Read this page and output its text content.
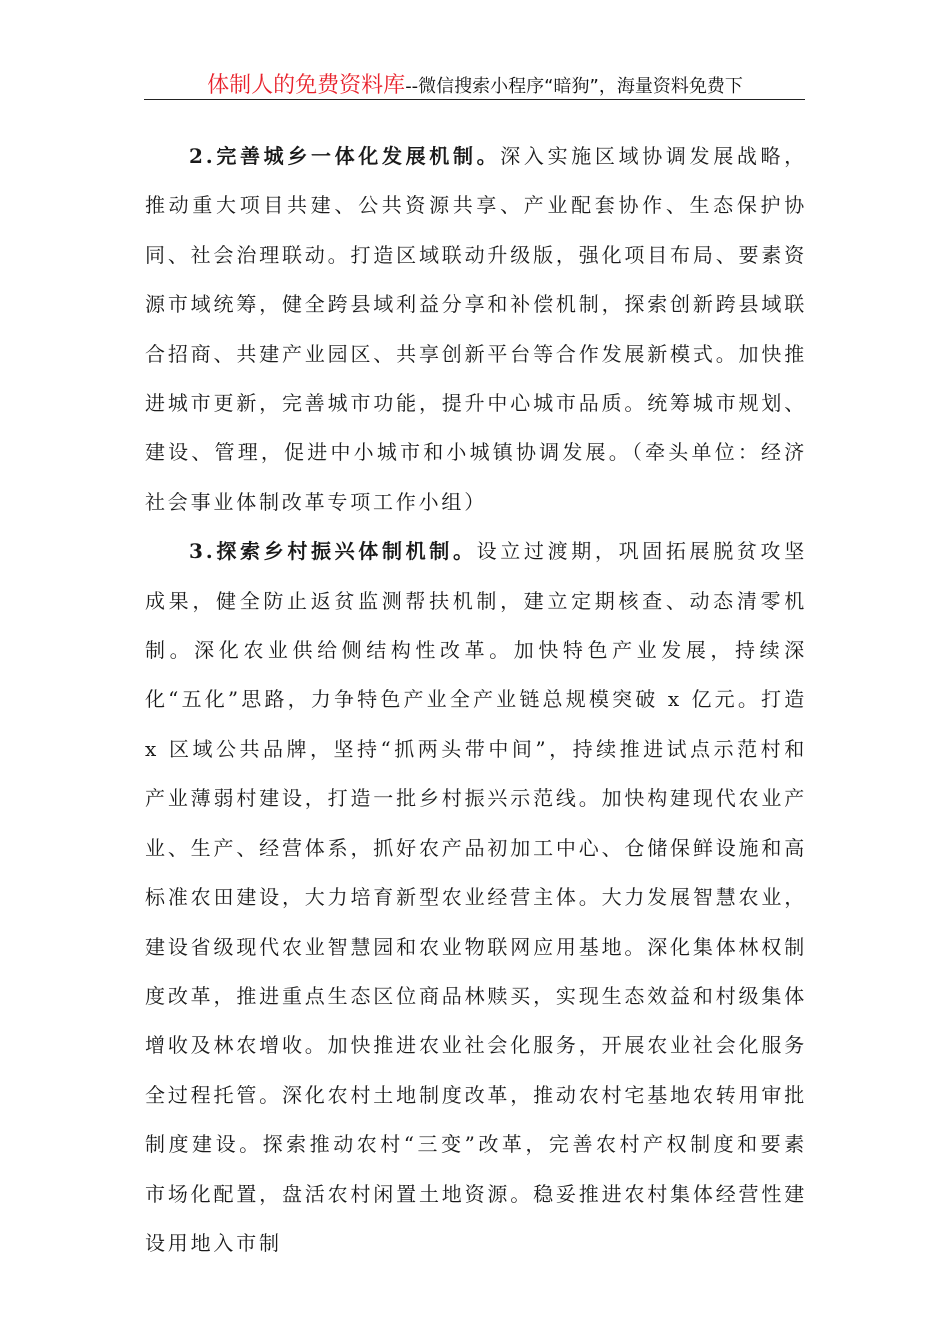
体制人的免费资料库--微信搜索小程序“暗狗”，海量资料免费下

2.完善城乡一体化发展机制。深入实施区域协调发展战略，推动重大项目共建、公共资源共享、产业配套协作、生态保护协同、社会治理联动。打造区域联动升级版，强化项目布局、要素资源市域统筹，健全跨县域利益分享和补偿机制，探索创新跨县域联合招商、共建产业园区、共享创新平台等合作发展新模式。加快推进城市更新，完善城市功能，提升中心城市品质。统筹城市规划、建设、管理，促进中小城市和小城镇协调发展。（牵头单位：经济社会事业体制改革专项工作小组）

3.探索乡村振兴体制机制。设立过渡期，巩固拓展脱贫攻坚成果，健全防止返贫监测帮扶机制，建立定期核查、动态清零机制。深化农业供给侧结构性改革。加快特色产业发展，持续深化“五化”思路，力争特色产业全产业链总规模突破 x 亿元。打造 x 区域公共品牌，坚持“抓两头带中间”，持续推进试点示范村和产业薄弱村建设，打造一批乡村振兴示范线。加快构建现代农业产业、生产、经营体系，抓好农产品初加工中心、仓储保鲜设施和高标准农田建设，大力培育新型农业经营主体。大力发展智慧农业，建设省级现代农业智慧园和农业物联网应用基地。深化集体林权制度改革，推进重点生态区位商品林赎买，实现生态效益和村级集体增收及林农增收。加快推进农业社会化服务，开展农业社会化服务全过程托管。深化农村土地制度改革，推动农村宅基地农转用审批制度建设。探索推动农村“三变”改革，完善农村产权制度和要素市场化配置，盘活农村闲置土地资源。稳妥推进农村集体经营性建设用地入市制
